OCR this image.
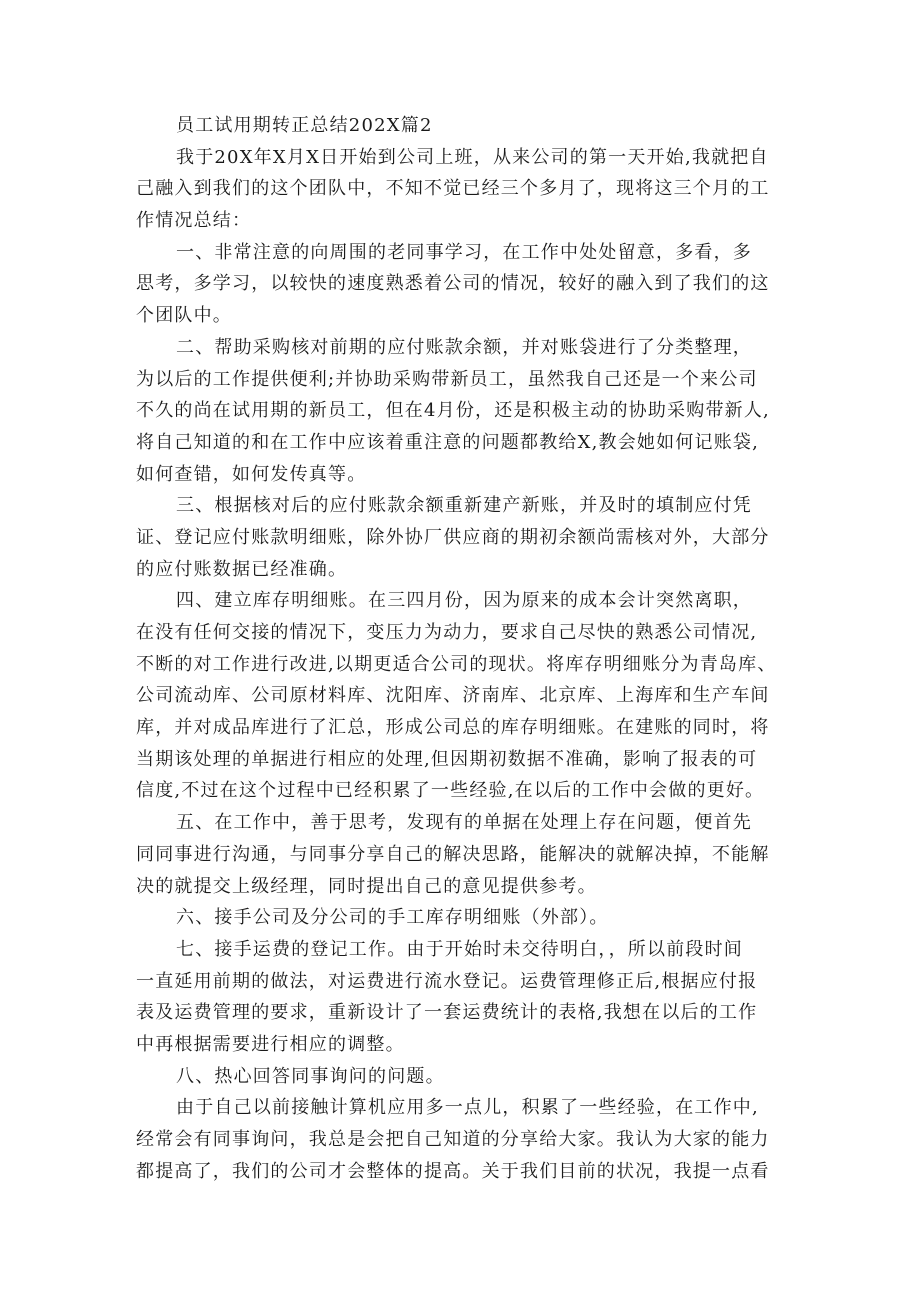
员工试用期转正总结202X篇2
我于20X年X月X日开始到公司上班，从来公司的第一天开始,我就把自
己融入到我们的这个团队中，不知不觉已经三个多月了，现将这三个月的工
作情况总结：
一、非常注意的向周围的老同事学习，在工作中处处留意，多看，多
思考，多学习，以较快的速度熟悉着公司的情况，较好的融入到了我们的这
个团队中。
二、帮助采购核对前期的应付账款余额，并对账袋进行了分类整理，
为以后的工作提供便利;并协助采购带新员工，虽然我自己还是一个来公司
不久的尚在试用期的新员工，但在4月份，还是积极主动的协助采购带新人,
将自己知道的和在工作中应该着重注意的问题都教给X,教会她如何记账袋,
如何查错，如何发传真等。
三、根据核对后的应付账款余额重新建产新账，并及时的填制应付凭
证、登记应付账款明细账，除外协厂供应商的期初余额尚需核对外，大部分
的应付账数据已经准确。
四、建立库存明细账。在三四月份，因为原来的成本会计突然离职，
在没有任何交接的情况下，变压力为动力，要求自己尽快的熟悉公司情况,
不断的对工作进行改进,以期更适合公司的现状。将库存明细账分为青岛库、
公司流动库、公司原材料库、沈阳库、济南库、北京库、上海库和生产车间
库，并对成品库进行了汇总，形成公司总的库存明细账。在建账的同时，将
当期该处理的单据进行相应的处理,但因期初数据不准确，影响了报表的可
信度,不过在这个过程中已经积累了一些经验,在以后的工作中会做的更好。
五、在工作中，善于思考，发现有的单据在处理上存在问题，便首先
同同事进行沟通，与同事分享自己的解决思路，能解决的就解决掉，不能解
决的就提交上级经理，同时提出自己的意见提供参考。
六、接手公司及分公司的手工库存明细账（外部）。
七、接手运费的登记工作。由于开始时未交待明白，，所以前段时间
一直延用前期的做法，对运费进行流水登记。运费管理修正后,根据应付报
表及运费管理的要求，重新设计了一套运费统计的表格,我想在以后的工作
中再根据需要进行相应的调整。
八、热心回答同事询问的问题。
由于自己以前接触计算机应用多一点儿，积累了一些经验，在工作中,
经常会有同事询问，我总是会把自己知道的分享给大家。我认为大家的能力
都提高了，我们的公司才会整体的提高。关于我们目前的状况，我提一点看
